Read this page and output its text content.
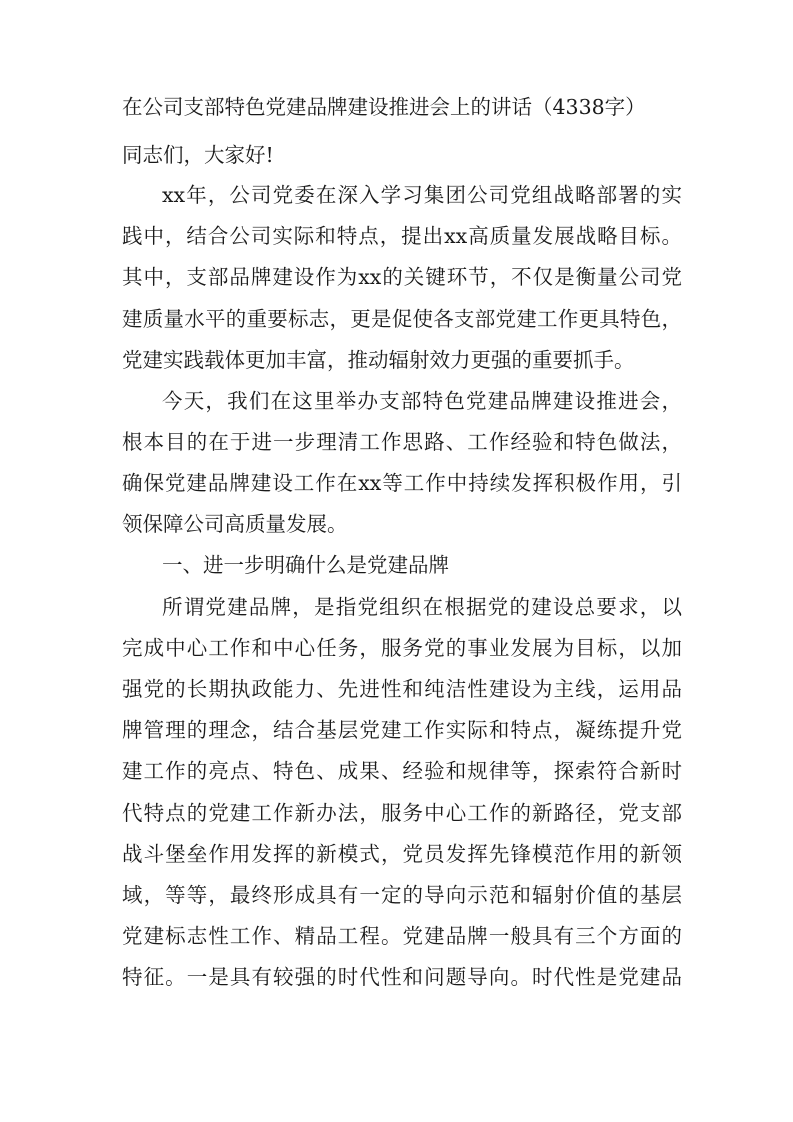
在公司支部特色党建品牌建设推进会上的讲话（4338字）
同志们，大家好!
xx年，公司党委在深入学习集团公司党组战略部署的实
践中，结合公司实际和特点，提出xx高质量发展战略目标。
其中，支部品牌建设作为xx的关键环节，不仅是衡量公司党
建质量水平的重要标志，更是促使各支部党建工作更具特色，
党建实践载体更加丰富，推动辐射效力更强的重要抓手。
今天，我们在这里举办支部特色党建品牌建设推进会，
根本目的在于进一步理清工作思路、工作经验和特色做法，
确保党建品牌建设工作在xx等工作中持续发挥积极作用，引
领保障公司高质量发展。
一、进一步明确什么是党建品牌
所谓党建品牌，是指党组织在根据党的建设总要求，以
完成中心工作和中心任务，服务党的事业发展为目标，以加
强党的长期执政能力、先进性和纯洁性建设为主线，运用品
牌管理的理念，结合基层党建工作实际和特点，凝练提升党
建工作的亮点、特色、成果、经验和规律等，探索符合新时
代特点的党建工作新办法，服务中心工作的新路径，党支部
战斗堡垒作用发挥的新模式，党员发挥先锋模范作用的新领
域，等等，最终形成具有一定的导向示范和辐射价值的基层
党建标志性工作、精品工程。党建品牌一般具有三个方面的
特征。一是具有较强的时代性和问题导向。时代性是党建品
